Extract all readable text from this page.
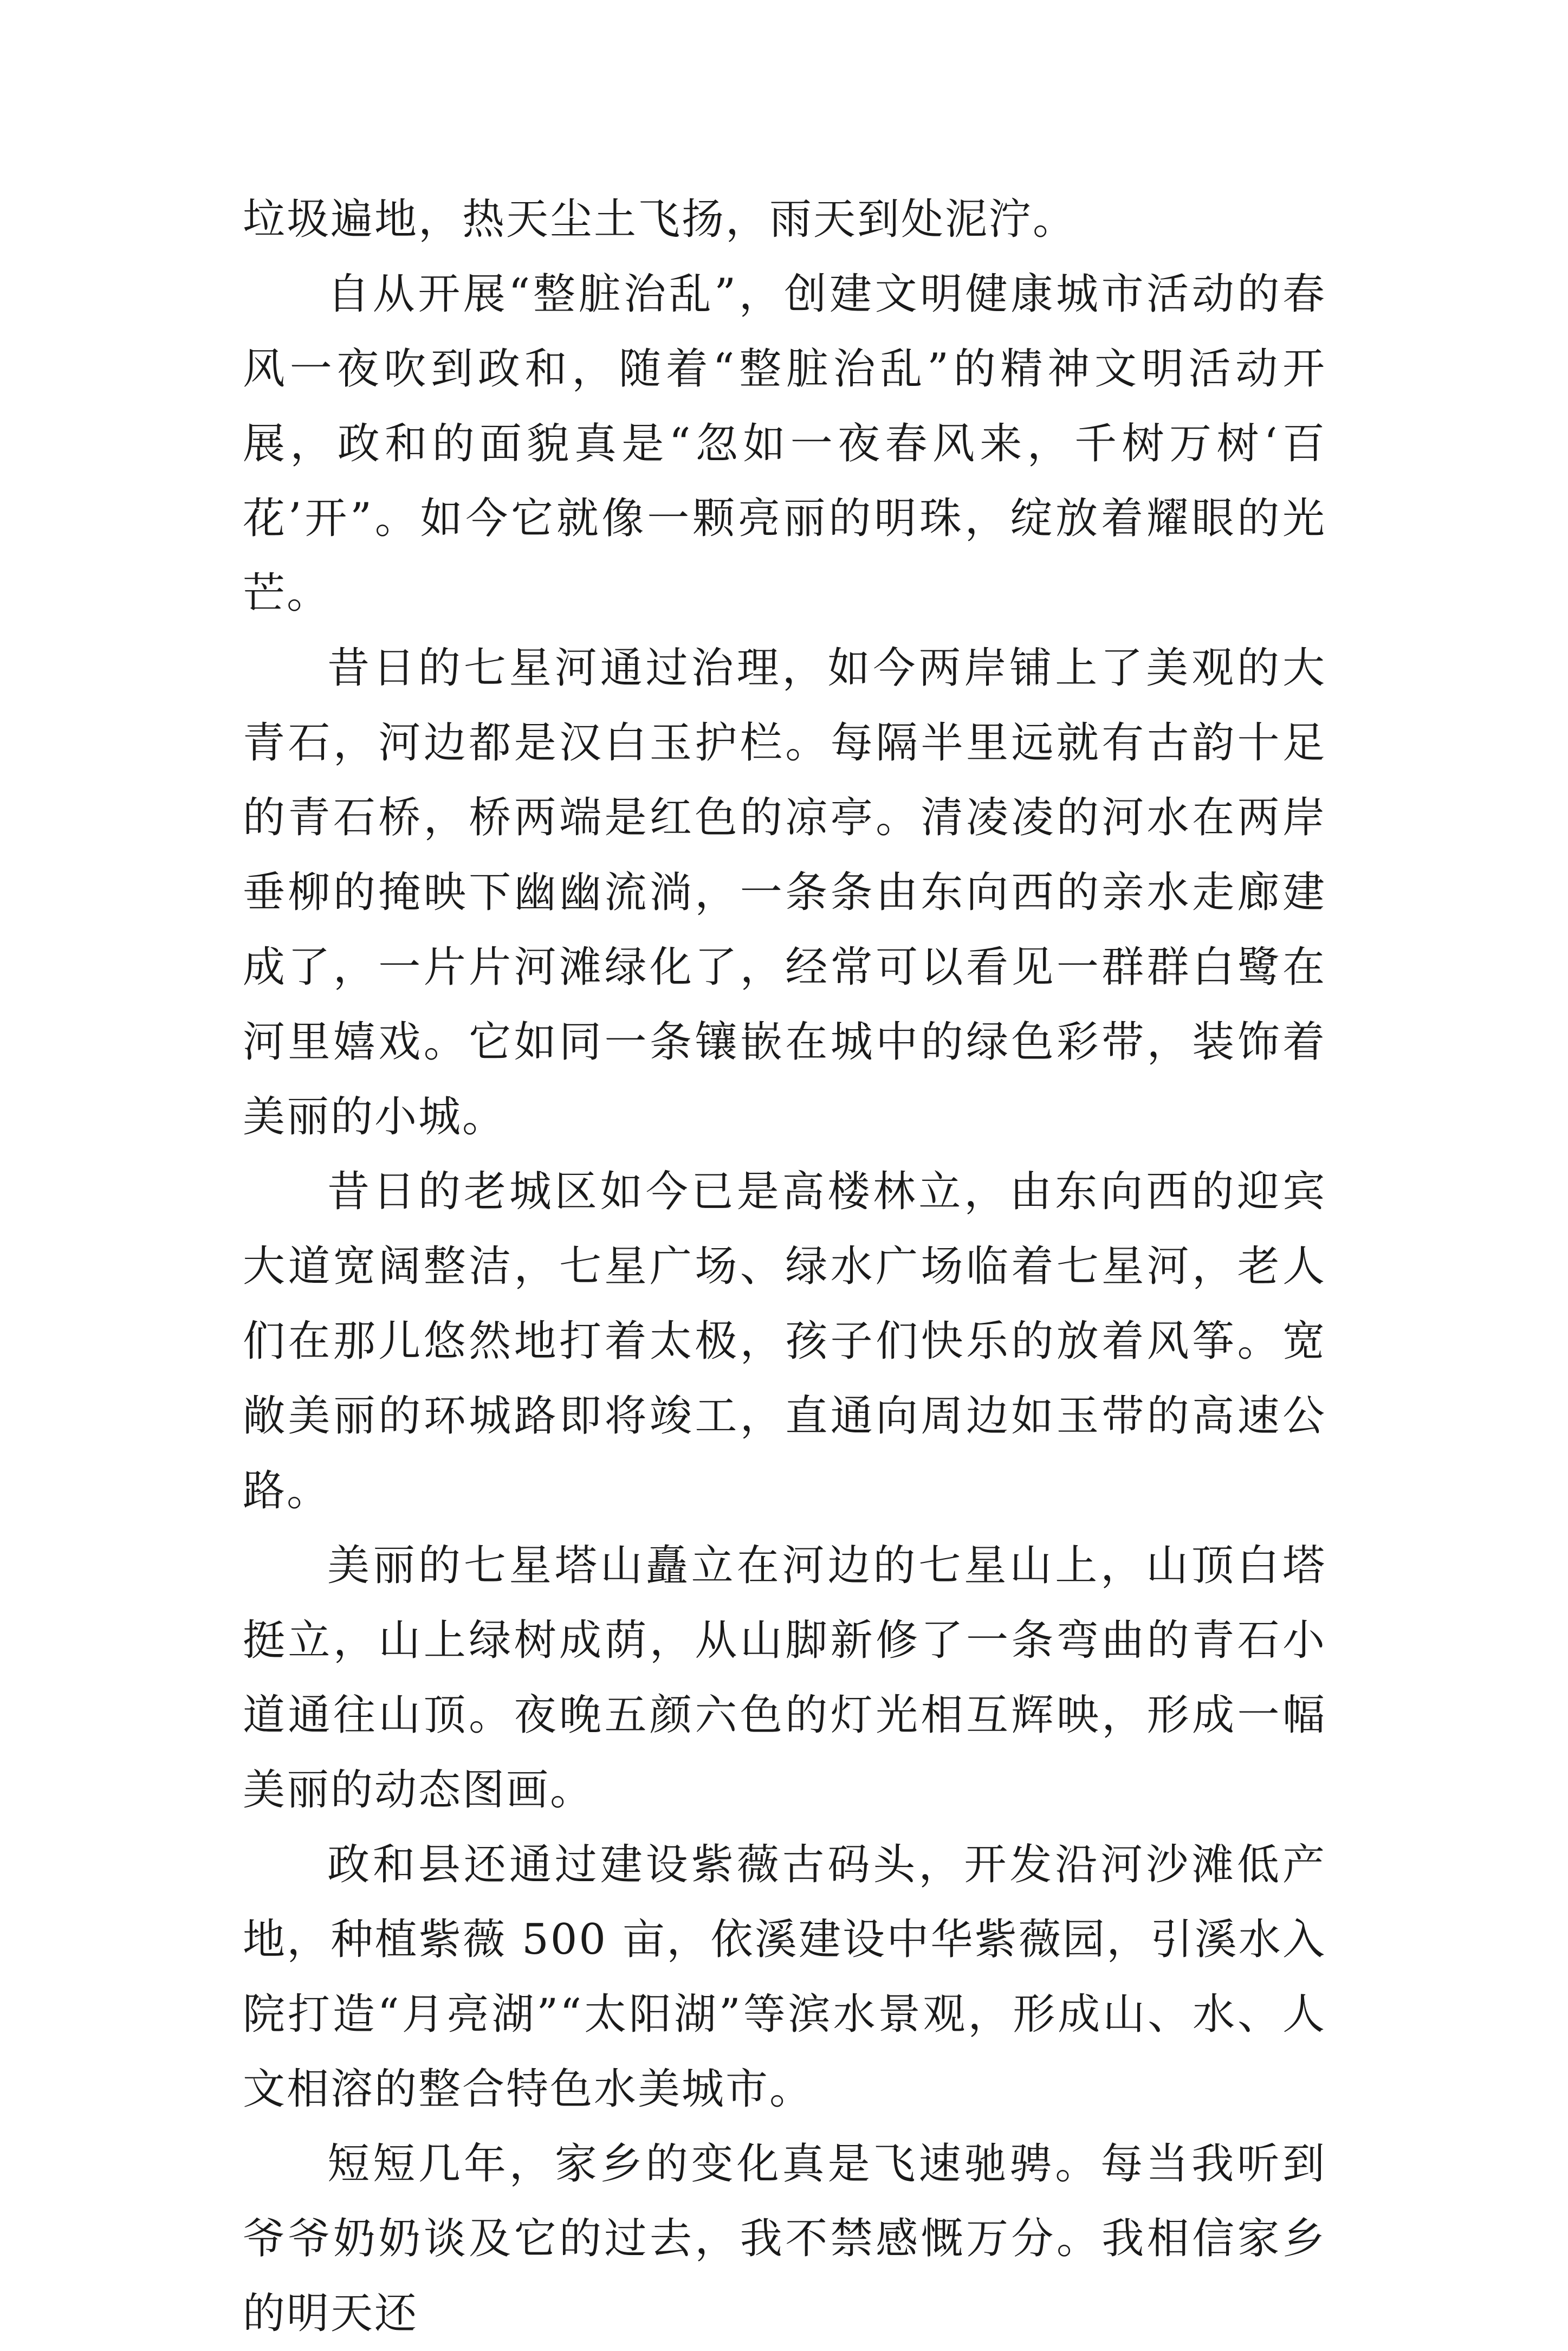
垃圾遍地，热天尘土飞扬，雨天到处泥泞。

自从开展“整脏治乱”，创建文明健康城市活动的春风一夜吹到政和，随着“整脏治乱”的精神文明活动开展，政和的面貌真是“忽如一夜春风来，千树万树‘百花’开”。如今它就像一颗亮丽的明珠，绽放着耀眼的光芒。

昔日的七星河通过治理，如今两岸铺上了美观的大青石，河边都是汉白玉护栏。每隔半里远就有古韵十足的青石桥，桥两端是红色的凉亭。清凌凌的河水在两岸垂柳的掩映下幽幽流淌，一条条由东向西的亲水走廊建成了，一片片河滩绿化了，经常可以看见一群群白鹭在河里嬉戏。它如同一条镶嵌在城中的绿色彩带，装饰着美丽的小城。

昔日的老城区如今已是高楼林立，由东向西的迎宾大道宽阔整洁，七星广场、绿水广场临着七星河，老人们在那儿悠然地打着太极，孩子们快乐的放着风筝。宽敞美丽的环城路即将竣工，直通向周边如玉带的高速公路。

美丽的七星塔山矗立在河边的七星山上，山顶白塔挺立，山上绿树成荫，从山脚新修了一条弯曲的青石小道通往山顶。夜晚五颜六色的灯光相互辉映，形成一幅美丽的动态图画。

政和县还通过建设紫薇古码头，开发沿河沙滩低产地，种植紫薇 500 亩，依溪建设中华紫薇园，引溪水入院打造“月亮湖”“太阳湖”等滨水景观，形成山、水、人文相溶的整合特色水美城市。

短短几年，家乡的变化真是飞速驰骋。每当我听到爷爷奶奶谈及它的过去，我不禁感慨万分。我相信家乡的明天还
